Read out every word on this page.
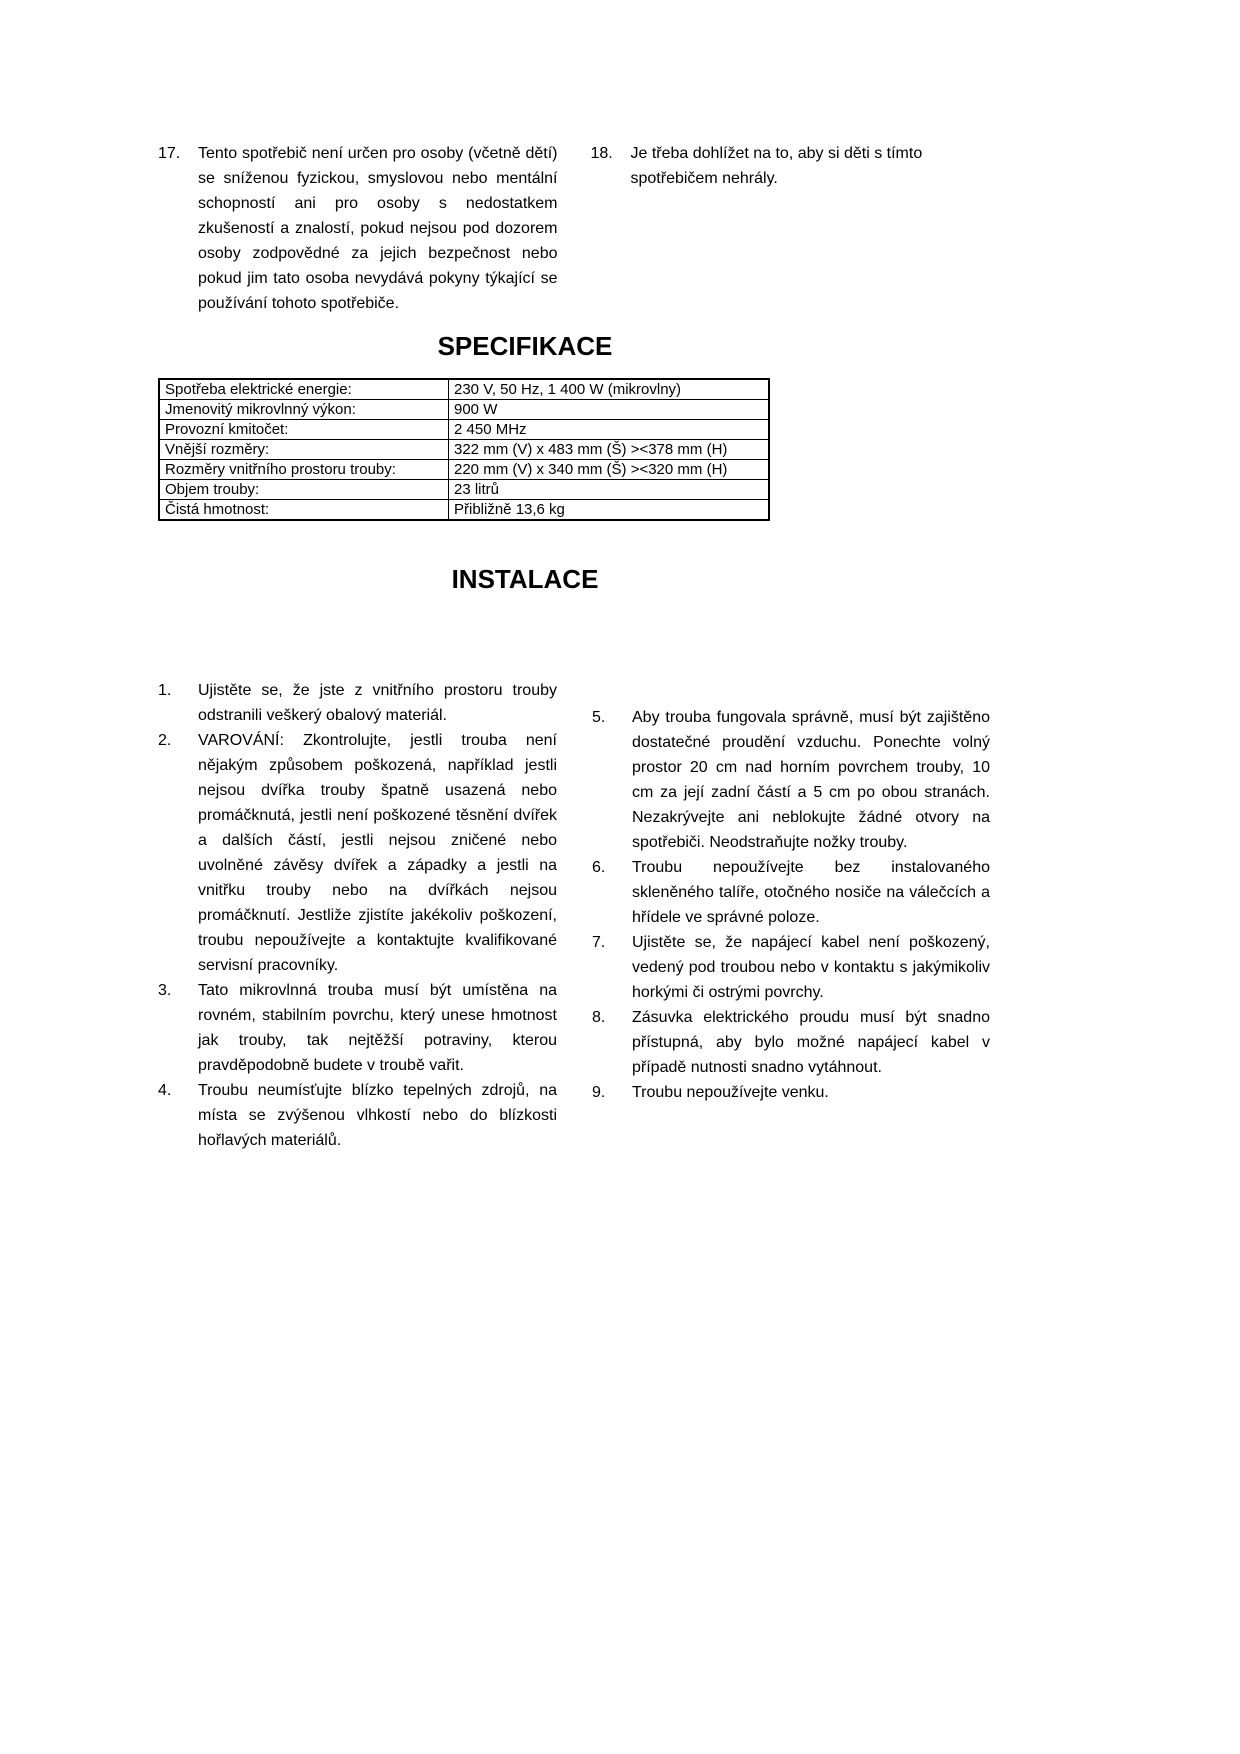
17.	Tento spotřebič není určen pro osoby (včetně dětí) se sníženou fyzickou, smyslovou nebo mentální schopností ani pro osoby s nedostatkem zkušeností a znalostí, pokud nejsou pod dozorem osoby zodpovědné za jejich bezpečnost nebo pokud jim tato osoba nevydává pokyny týkající se používání tohoto spotřebiče.
18.	Je třeba dohlížet na to, aby si děti s tímto spotřebičem nehrály.
SPECIFIKACE
Spotřeba elektrické energie:	230 V, 50 Hz, 1 400 W (mikrovlny)
Jmenovitý mikrovlnný výkon:	900 W
Provozní kmitočet:	2 450 MHz
Vnější rozměry:	322 mm (V) x 483 mm (Š) ><378 mm (H)
Rozměry vnitřního prostoru trouby:	220 mm (V) x 340 mm (Š) ><320 mm (H)
Objem trouby:	23 litrů
Čistá hmotnost:	Přibližně 13,6 kg
INSTALACE
1.	Ujistěte se, že jste z vnitřního prostoru trouby odstranili veškerý obalový materiál.
2.	VAROVÁNÍ: Zkontrolujte, jestli trouba není nějakým způsobem poškozená, například jestli nejsou dvířka trouby špatně usazená nebo promáčknutá, jestli není poškozené těsnění dvířek a dalších částí, jestli nejsou zničené nebo uvolněné závěsy dvířek a západky a jestli na vnitřku trouby nebo na dvířkách nejsou promáčknutí. Jestliže zjistíte jakékoliv poškození, troubu nepoužívejte a kontaktujte kvalifikované servisní pracovníky.
3.	Tato mikrovlnná trouba musí být umístěna na rovném, stabilním povrchu, který unese hmotnost jak trouby, tak nejtěžší potraviny, kterou pravděpodobně budete v troubě vařit.
4.	Troubu neumísťujte blízko tepelných zdrojů, na místa se zvýšenou vlhkostí nebo do blízkosti hořlavých materiálů.
5.	Aby trouba fungovala správně, musí být zajištěno dostatečné proudění vzduchu. Ponechte volný prostor 20 cm nad horním povrchem trouby, 10 cm za její zadní částí a 5 cm po obou stranách. Nezakrývejte ani neblokujte žádné otvory na spotřebiči. Neodstraňujte nožky trouby.
6.	Troubu nepoužívejte bez instalovaného skleněného talíře, otočného nosiče na válečcích a hřídele ve správné poloze.
7.	Ujistěte se, že napájecí kabel není poškozený, vedený pod troubou nebo v kontaktu s jakýmikoliv horkými či ostrými povrchy.
8.	Zásuvka elektrického proudu musí být snadno přístupná, aby bylo možné napájecí kabel v případě nutnosti snadno vytáhnout.
9.	Troubu nepoužívejte venku.
